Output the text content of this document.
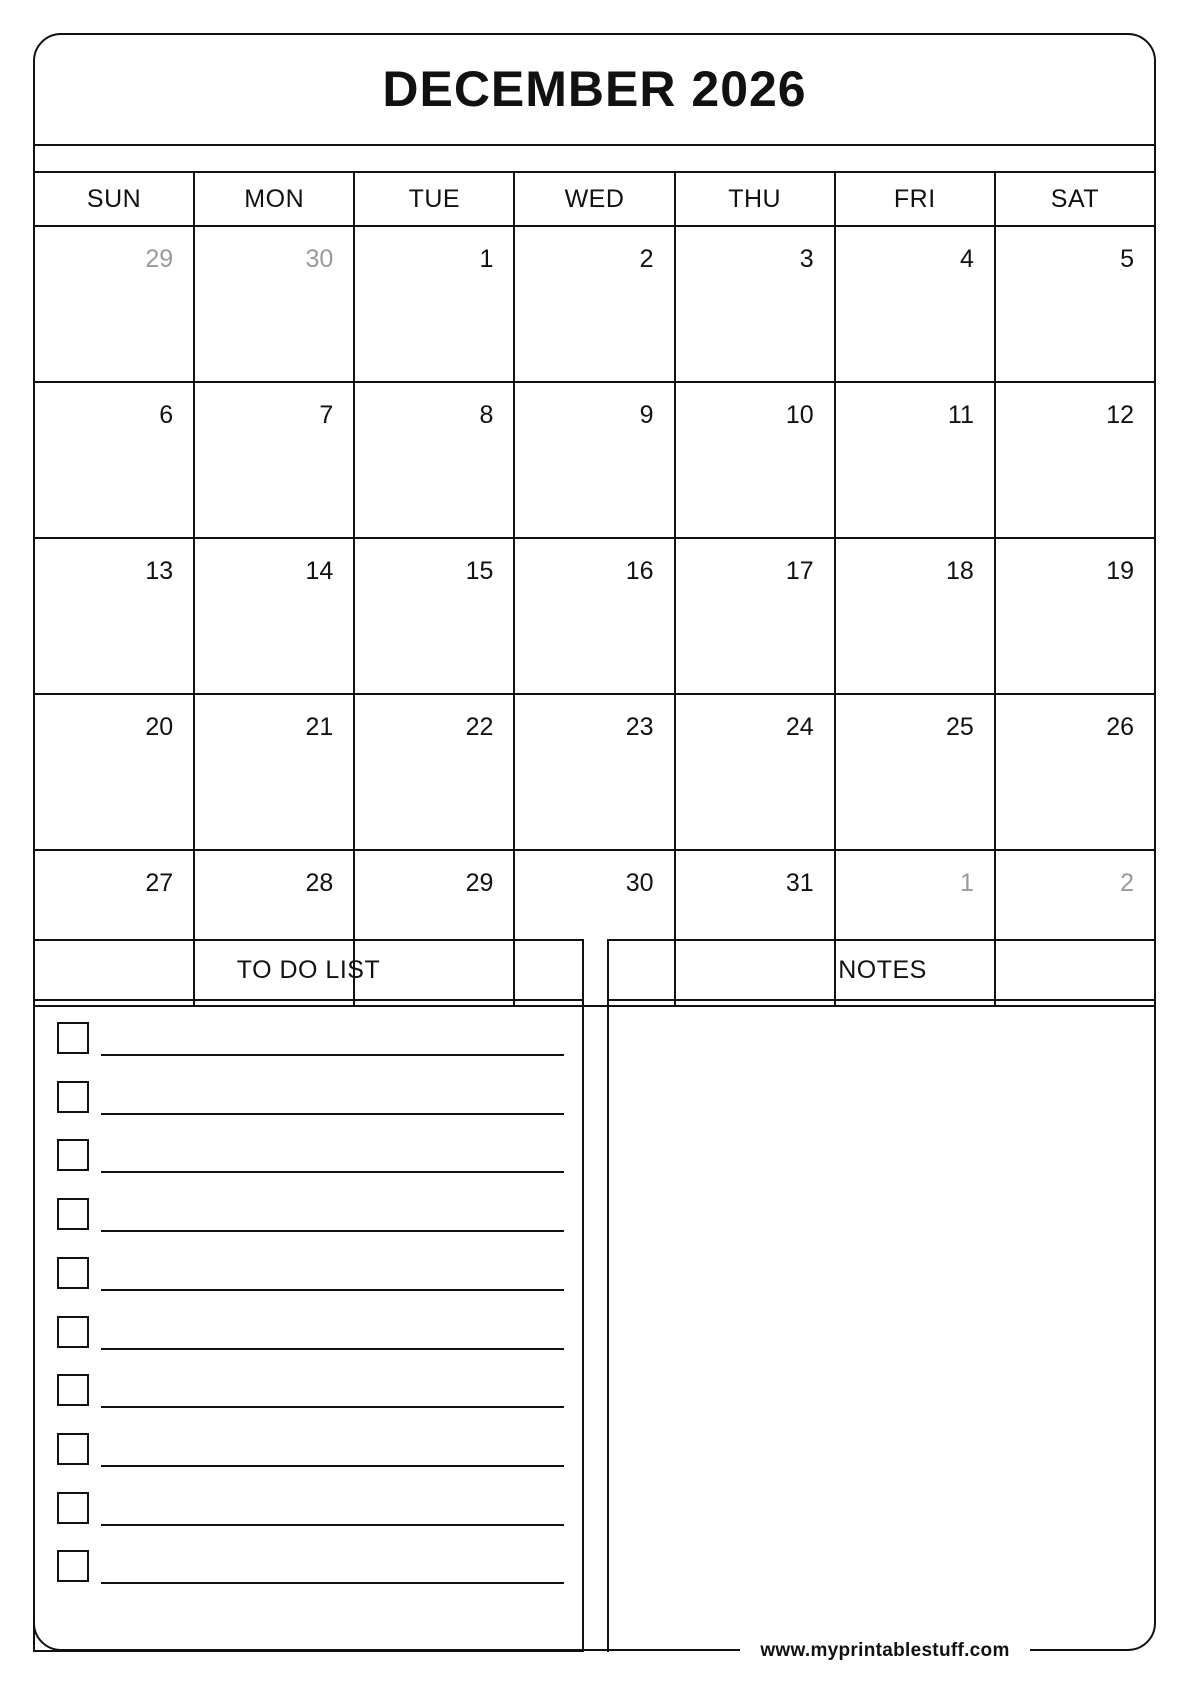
DECEMBER 2026
SUN	MON	TUE	WED	THU	FRI	SAT
29	30	1	2	3	4	5
6	7	8	9	10	11	12
13	14	15	16	17	18	19
20	21	22	23	24	25	26
27	28	29	30	31	1	2
TO DO LIST	NOTES
www.myprintablestuff.com
